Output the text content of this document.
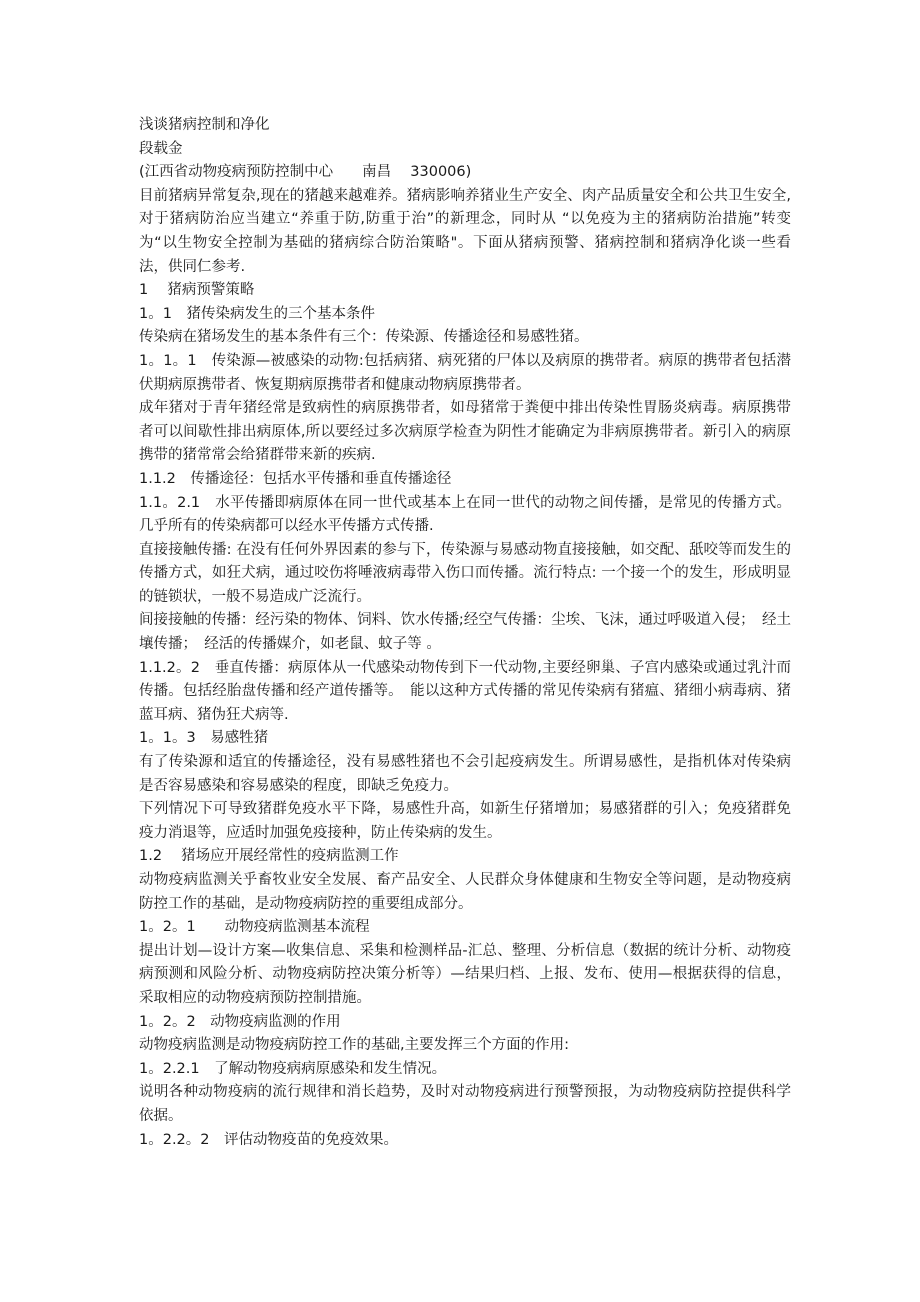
浅谈猪病控制和净化

段载金

(江西省动物疫病预防控制中心　　南昌　 330006)

目前猪病异常复杂,现在的猪越来越难养。猪病影响养猪业生产安全、肉产品质量安全和公共卫生安全,对于猪病防治应当建立“养重于防,防重于治”的新理念，同时从 “以免疫为主的猪病防治措施”转变为“以生物安全控制为基础的猪病综合防治策略"。下面从猪病预警、猪病控制和猪病净化谈一些看法，供同仁参考.

1　 猪病预警策略

1。1　猪传染病发生的三个基本条件

传染病在猪场发生的基本条件有三个：传染源、传播途径和易感牲猪。

1。1。1　传染源—被感染的动物:包括病猪、病死猪的尸体以及病原的携带者。病原的携带者包括潜伏期病原携带者、恢复期病原携带者和健康动物病原携带者。

成年猪对于青年猪经常是致病性的病原携带者，如母猪常于粪便中排出传染性胃肠炎病毒。病原携带者可以间歇性排出病原体,所以要经过多次病原学检查为阴性才能确定为非病原携带者。新引入的病原携带的猪常常会给猪群带来新的疾病.

1.1.2　传播途径：包括水平传播和垂直传播途径

1.1。2.1　水平传播即病原体在同一世代或基本上在同一世代的动物之间传播，是常见的传播方式。几乎所有的传染病都可以经水平传播方式传播.

直接接触传播: 在没有任何外界因素的参与下，传染源与易感动物直接接触，如交配、舐咬等而发生的传播方式，如狂犬病，通过咬伤将唾液病毒带入伤口而传播。流行特点: 一个接一个的发生，形成明显的链锁状，一般不易造成广泛流行。

间接接触的传播：经污染的物体、饲料、饮水传播;经空气传播：尘埃、飞沫，通过呼吸道入侵；　经土壤传播；　经活的传播媒介，如老鼠、蚊子等 。

1.1.2。2　垂直传播：病原体从一代感染动物传到下一代动物,主要经卵巢、子宫内感染或通过乳汁而传播。包括经胎盘传播和经产道传播等。　能以这种方式传播的常见传染病有猪瘟、猪细小病毒病、猪蓝耳病、猪伪狂犬病等.

1。1。3　易感牲猪

有了传染源和适宜的传播途径，没有易感牲猪也不会引起疫病发生。所谓易感性，是指机体对传染病是否容易感染和容易感染的程度，即缺乏免疫力。

下列情况下可导致猪群免疫水平下降，易感性升高，如新生仔猪增加；易感猪群的引入；免疫猪群免疫力消退等，应适时加强免疫接种，防止传染病的发生。

1.2　 猪场应开展经常性的疫病监测工作

动物疫病监测关乎畜牧业安全发展、畜产品安全、人民群众身体健康和生物安全等问题，是动物疫病防控工作的基础，是动物疫病防控的重要组成部分。

1。2。1　　动物疫病监测基本流程

提出计划—设计方案—收集信息、采集和检测样品-汇总、整理、分析信息（数据的统计分析、动物疫病预测和风险分析、动物疫病防控决策分析等）—结果归档、上报、发布、使用—根据获得的信息，采取相应的动物疫病预防控制措施。

1。2。2　动物疫病监测的作用

动物疫病监测是动物疫病防控工作的基础,主要发挥三个方面的作用:

1。2.2.1　了解动物疫病病原感染和发生情况。

说明各种动物疫病的流行规律和消长趋势，及时对动物疫病进行预警预报，为动物疫病防控提供科学依据。

1。2.2。2　评估动物疫苗的免疫效果。
